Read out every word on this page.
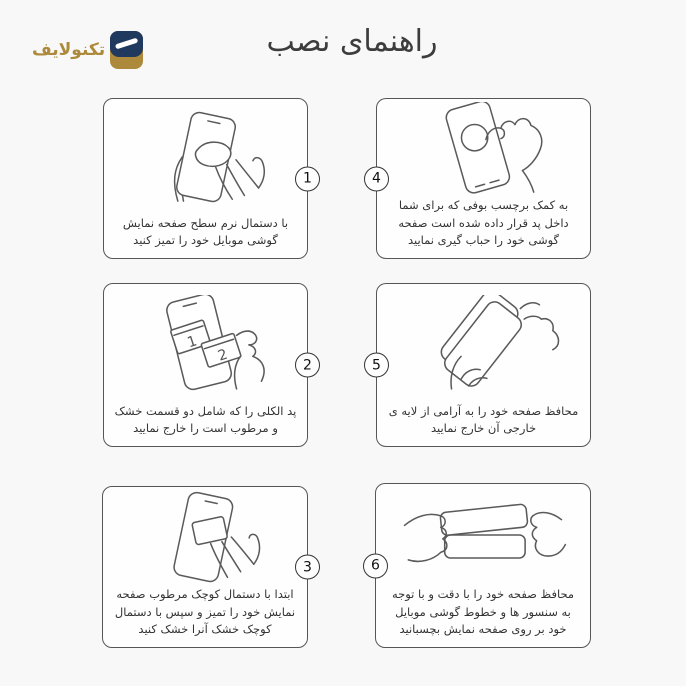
تکنولایف	راهنمای نصب
با دستمال نرم سطح صفحه نمایش گوشی موبایل خود را تمیز کنید
1
1
2
پد الکلی را که شامل دو قسمت خشک و مرطوب است را خارج نمایید
2
ابتدا با دستمال کوچک مرطوب صفحه نمایش خود را تمیز و سپس با دستمال کوچک خشک آنرا خشک کنید
3
به کمک برچسب بوفی که برای شما داخل پد قرار داده شده است صفحه گوشی خود را حباب گیری نمایید
4
محافظ صفحه خود را به آرامی از لایه ی خارجی آن خارج نمایید
5
محافظ صفحه خود را با دقت و با توجه به سنسور ها و خطوط گوشی موبایل خود بر روی صفحه نمایش بچسبانید
6
